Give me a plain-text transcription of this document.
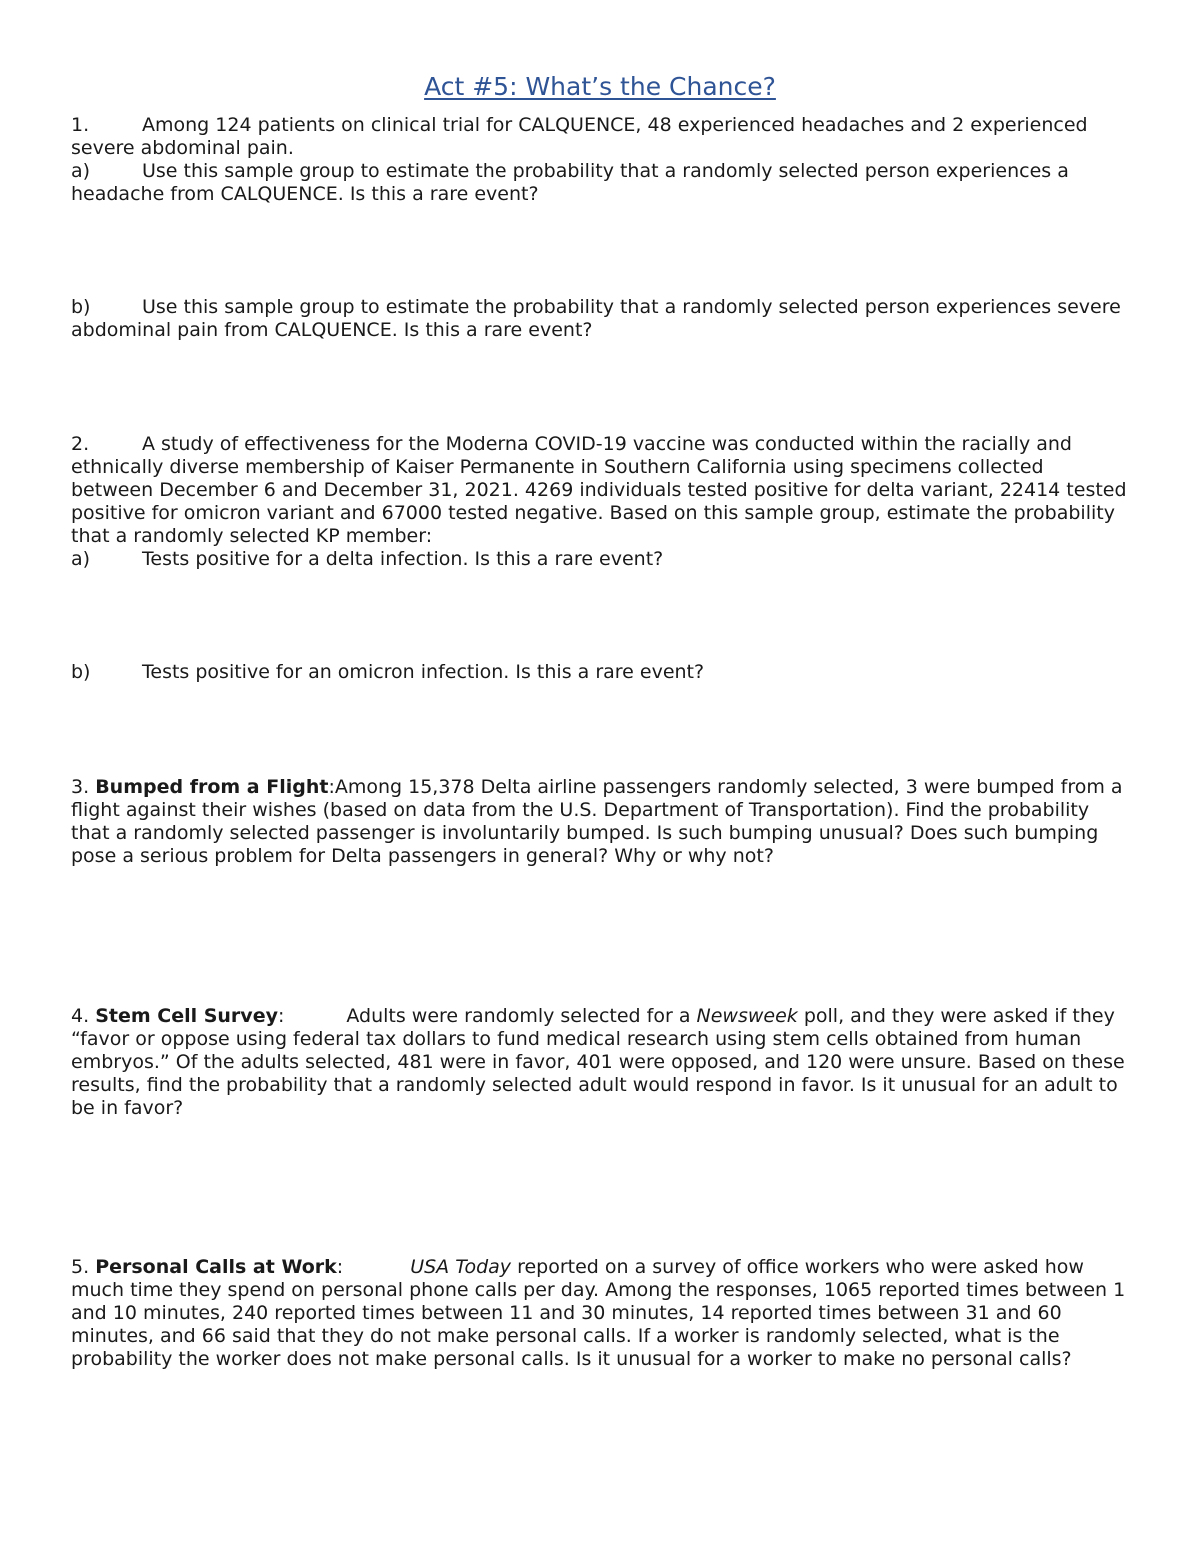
Act #5: What’s the Chance?

1.	Among 124 patients on clinical trial for CALQUENCE, 48 experienced headaches and 2 experienced severe abdominal pain.

a)	Use this sample group to estimate the probability that a randomly selected person experiences a headache from CALQUENCE. Is this a rare event?

b)	Use this sample group to estimate the probability that a randomly selected person experiences severe abdominal pain from CALQUENCE. Is this a rare event?

2.	A study of effectiveness for the Moderna COVID-19 vaccine was conducted within the racially and ethnically diverse membership of Kaiser Permanente in Southern California using specimens collected between December 6 and December 31, 2021. 4269 individuals tested positive for delta variant, 22414 tested positive for omicron variant and 67000 tested negative. Based on this sample group, estimate the probability that a randomly selected KP member:

a)	Tests positive for a delta infection. Is this a rare event?

b)	Tests positive for an omicron infection. Is this a rare event?

3. Bumped from a Flight:Among 15,378 Delta airline passengers randomly selected, 3 were bumped from a flight against their wishes (based on data from the U.S. Department of Transportation). Find the probability that a randomly selected passenger is involuntarily bumped. Is such bumping unusual? Does such bumping pose a serious problem for Delta passengers in general? Why or why not?

4. Stem Cell Survey:	Adults were randomly selected for a Newsweek poll, and they were asked if they “favor or oppose using federal tax dollars to fund medical research using stem cells obtained from human embryos.” Of the adults selected, 481 were in favor, 401 were opposed, and 120 were unsure. Based on these results, find the probability that a randomly selected adult would respond in favor. Is it unusual for an adult to be in favor?

5. Personal Calls at Work:	USA Today reported on a survey of office workers who were asked how much time they spend on personal phone calls per day. Among the responses, 1065 reported times between 1 and 10 minutes, 240 reported times between 11 and 30 minutes, 14 reported times between 31 and 60 minutes, and 66 said that they do not make personal calls. If a worker is randomly selected, what is the probability the worker does not make personal calls. Is it unusual for a worker to make no personal calls?
